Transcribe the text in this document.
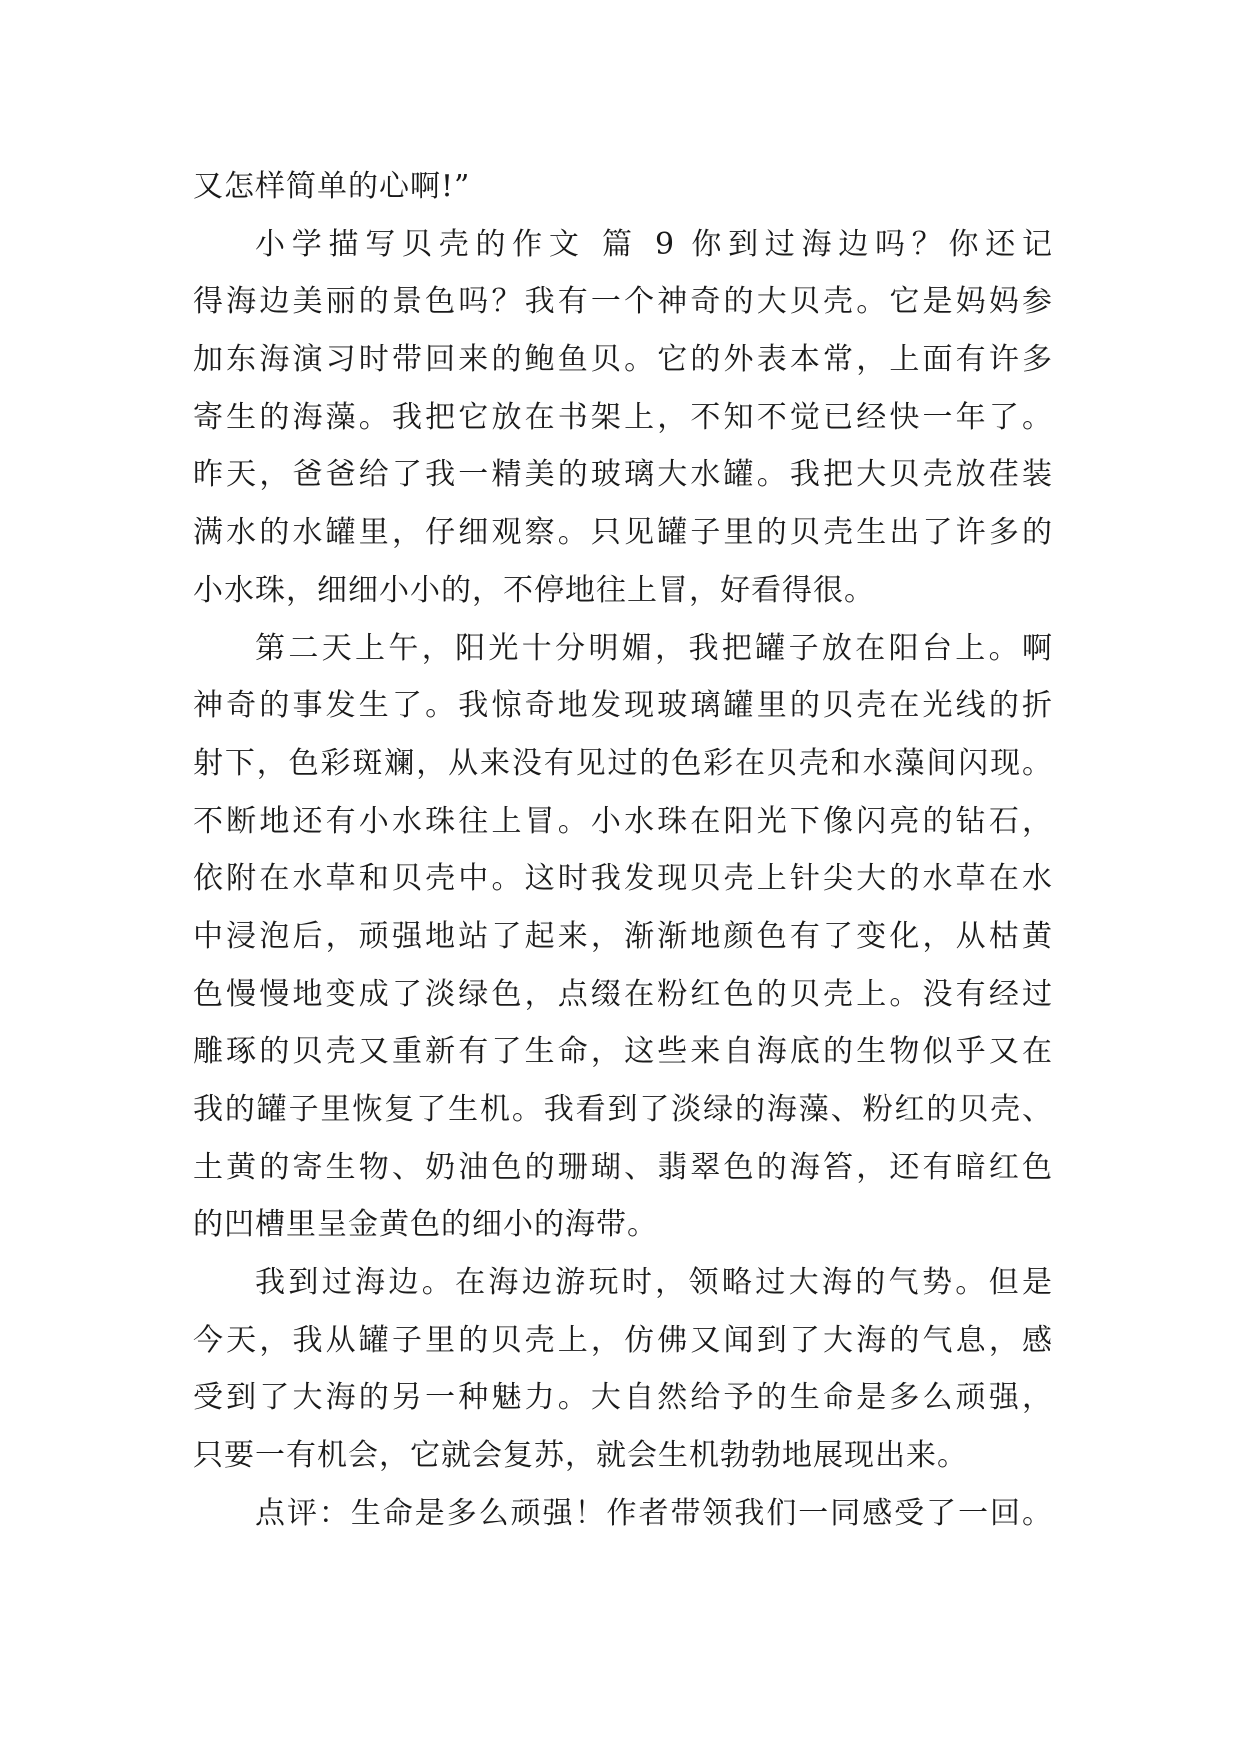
又怎样简单的心啊!”
小学描写贝壳的作文 篇 9 你到过海边吗？你还记
得海边美丽的景色吗？我有一个神奇的大贝壳。它是妈妈参
加东海演习时带回来的鲍鱼贝。它的外表本常，上面有许多
寄生的海藻。我把它放在书架上，不知不觉已经快一年了。
昨天，爸爸给了我一精美的玻璃大水罐。我把大贝壳放荏装
满水的水罐里，仔细观察。只见罐子里的贝壳生出了许多的
小水珠，细细小小的，不停地往上冒，好看得很。
第二天上午，阳光十分明媚，我把罐子放在阳台上。啊
神奇的事发生了。我惊奇地发现玻璃罐里的贝壳在光线的折
射下，色彩斑斓，从来没有见过的色彩在贝壳和水藻间闪现。
不断地还有小水珠往上冒。小水珠在阳光下像闪亮的钻石，
依附在水草和贝壳中。这时我发现贝壳上针尖大的水草在水
中浸泡后，顽强地站了起来，渐渐地颜色有了变化，从枯黄
色慢慢地变成了淡绿色，点缀在粉红色的贝壳上。没有经过
雕琢的贝壳又重新有了生命，这些来自海底的生物似乎又在
我的罐子里恢复了生机。我看到了淡绿的海藻、粉红的贝壳、
土黄的寄生物、奶油色的珊瑚、翡翠色的海笞，还有暗红色
的凹槽里呈金黄色的细小的海带。
我到过海边。在海边游玩时，领略过大海的气势。但是
今天，我从罐子里的贝壳上，仿佛又闻到了大海的气息，感
受到了大海的另一种魅力。大自然给予的生命是多么顽强，
只要一有机会，它就会复苏，就会生机勃勃地展现出来。
点评：生命是多么顽强！作者带领我们一同感受了一回。
